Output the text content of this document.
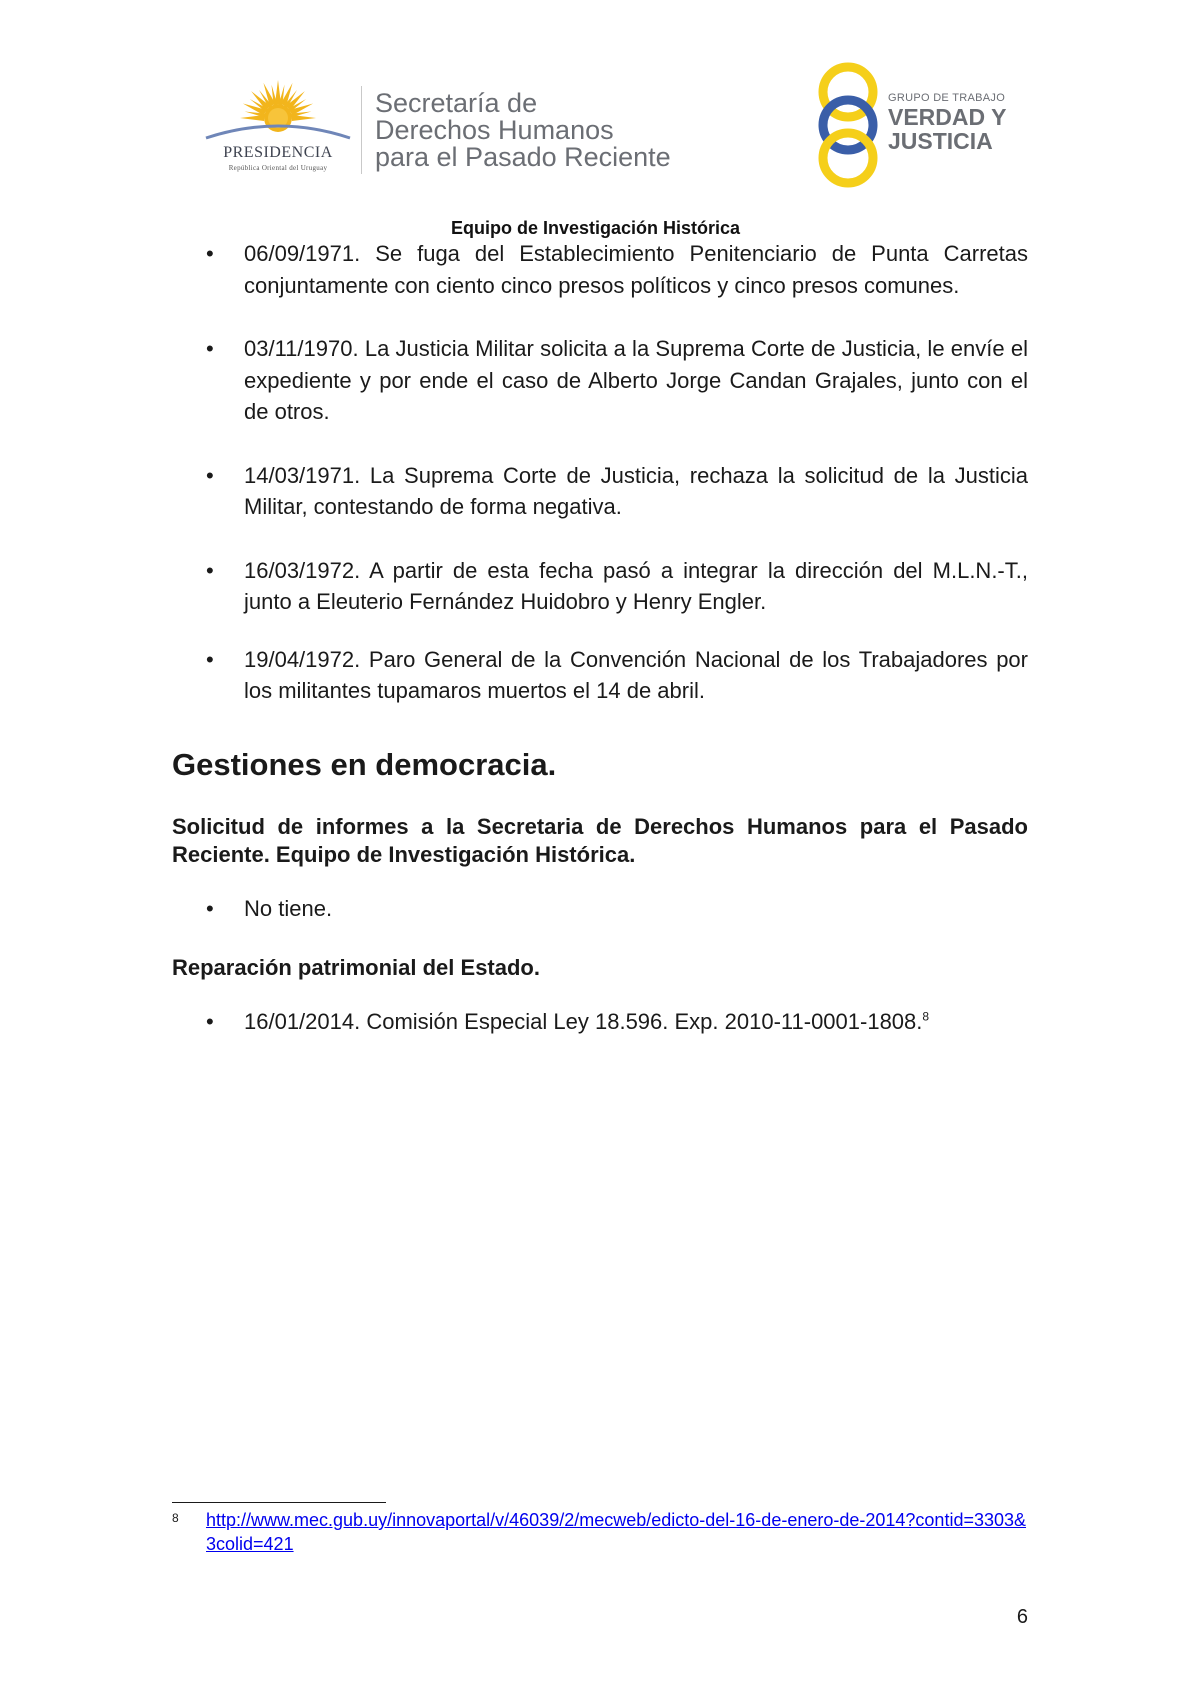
PRESIDENCIA
República Oriental del Uruguay
Secretaría de
Derechos Humanos
para el Pasado Reciente
GRUPO DE TRABAJO
VERDAD Y
JUSTICIA
Equipo de Investigación Histórica
• 06/09/1971. Se fuga del Establecimiento Penitenciario de Punta Carretas conjuntamente con ciento cinco presos políticos y cinco presos comunes.
• 03/11/1970. La Justicia Militar solicita a la Suprema Corte de Justicia, le envíe el expediente y por ende el caso de Alberto Jorge Candan Grajales, junto con el de otros.
• 14/03/1971. La Suprema Corte de Justicia, rechaza la solicitud de la Justicia Militar, contestando de forma negativa.
• 16/03/1972. A partir de esta fecha pasó a integrar la dirección del M.L.N.-T., junto a Eleuterio Fernández Huidobro y Henry Engler.
• 19/04/1972. Paro General de la Convención Nacional de los Trabajadores por los militantes tupamaros muertos el 14 de abril.
Gestiones en democracia.
Solicitud de informes a la Secretaria de Derechos Humanos para el Pasado Reciente. Equipo de Investigación Histórica.
• No tiene.
Reparación patrimonial del Estado.
• 16/01/2014. Comisión Especial Ley 18.596. Exp. 2010-11-0001-1808.$^8$
8 http://www.mec.gub.uy/innovaportal/v/46039/2/mecweb/edicto-del-16-de-enero-de-2014?contid=3303&3colid=421
6
